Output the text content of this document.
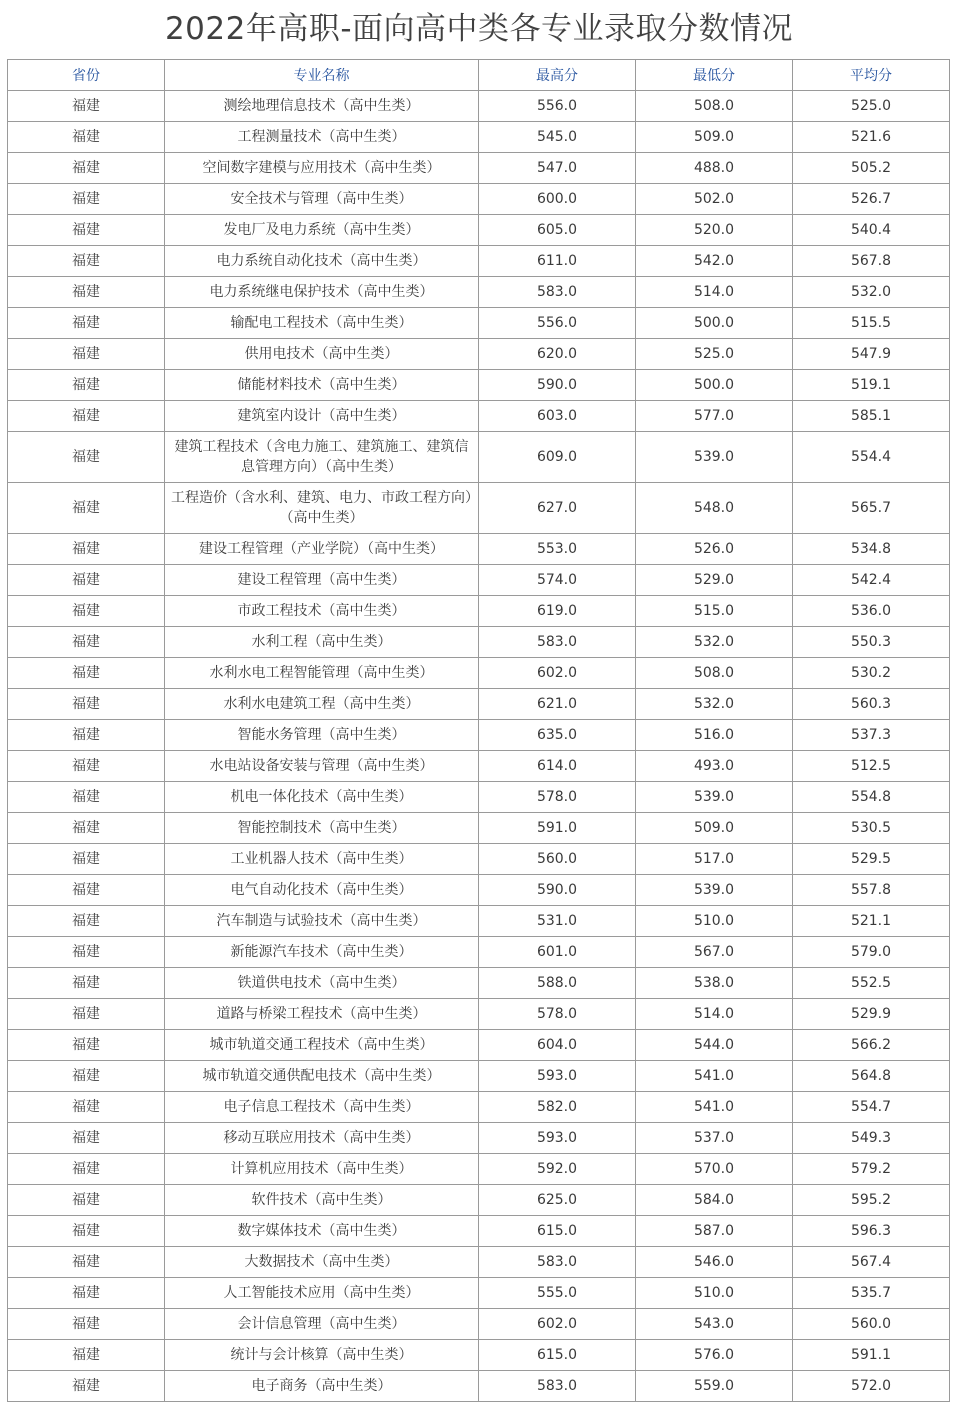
2022年高职-面向高中类各专业录取分数情况
省份	专业名称	最高分	最低分	平均分
福建	测绘地理信息技术（高中生类）	556.0	508.0	525.0
福建	工程测量技术（高中生类）	545.0	509.0	521.6
福建	空间数字建模与应用技术（高中生类）	547.0	488.0	505.2
福建	安全技术与管理（高中生类）	600.0	502.0	526.7
福建	发电厂及电力系统（高中生类）	605.0	520.0	540.4
福建	电力系统自动化技术（高中生类）	611.0	542.0	567.8
福建	电力系统继电保护技术（高中生类）	583.0	514.0	532.0
福建	输配电工程技术（高中生类）	556.0	500.0	515.5
福建	供用电技术（高中生类）	620.0	525.0	547.9
福建	储能材料技术（高中生类）	590.0	500.0	519.1
福建	建筑室内设计（高中生类）	603.0	577.0	585.1
福建	建筑工程技术（含电力施工、建筑施工、建筑信息管理方向）（高中生类）	609.0	539.0	554.4
福建	工程造价（含水利、建筑、电力、市政工程方向）（高中生类）	627.0	548.0	565.7
福建	建设工程管理（产业学院）（高中生类）	553.0	526.0	534.8
福建	建设工程管理（高中生类）	574.0	529.0	542.4
福建	市政工程技术（高中生类）	619.0	515.0	536.0
福建	水利工程（高中生类）	583.0	532.0	550.3
福建	水利水电工程智能管理（高中生类）	602.0	508.0	530.2
福建	水利水电建筑工程（高中生类）	621.0	532.0	560.3
福建	智能水务管理（高中生类）	635.0	516.0	537.3
福建	水电站设备安装与管理（高中生类）	614.0	493.0	512.5
福建	机电一体化技术（高中生类）	578.0	539.0	554.8
福建	智能控制技术（高中生类）	591.0	509.0	530.5
福建	工业机器人技术（高中生类）	560.0	517.0	529.5
福建	电气自动化技术（高中生类）	590.0	539.0	557.8
福建	汽车制造与试验技术（高中生类）	531.0	510.0	521.1
福建	新能源汽车技术（高中生类）	601.0	567.0	579.0
福建	铁道供电技术（高中生类）	588.0	538.0	552.5
福建	道路与桥梁工程技术（高中生类）	578.0	514.0	529.9
福建	城市轨道交通工程技术（高中生类）	604.0	544.0	566.2
福建	城市轨道交通供配电技术（高中生类）	593.0	541.0	564.8
福建	电子信息工程技术（高中生类）	582.0	541.0	554.7
福建	移动互联应用技术（高中生类）	593.0	537.0	549.3
福建	计算机应用技术（高中生类）	592.0	570.0	579.2
福建	软件技术（高中生类）	625.0	584.0	595.2
福建	数字媒体技术（高中生类）	615.0	587.0	596.3
福建	大数据技术（高中生类）	583.0	546.0	567.4
福建	人工智能技术应用（高中生类）	555.0	510.0	535.7
福建	会计信息管理（高中生类）	602.0	543.0	560.0
福建	统计与会计核算（高中生类）	615.0	576.0	591.1
福建	电子商务（高中生类）	583.0	559.0	572.0
